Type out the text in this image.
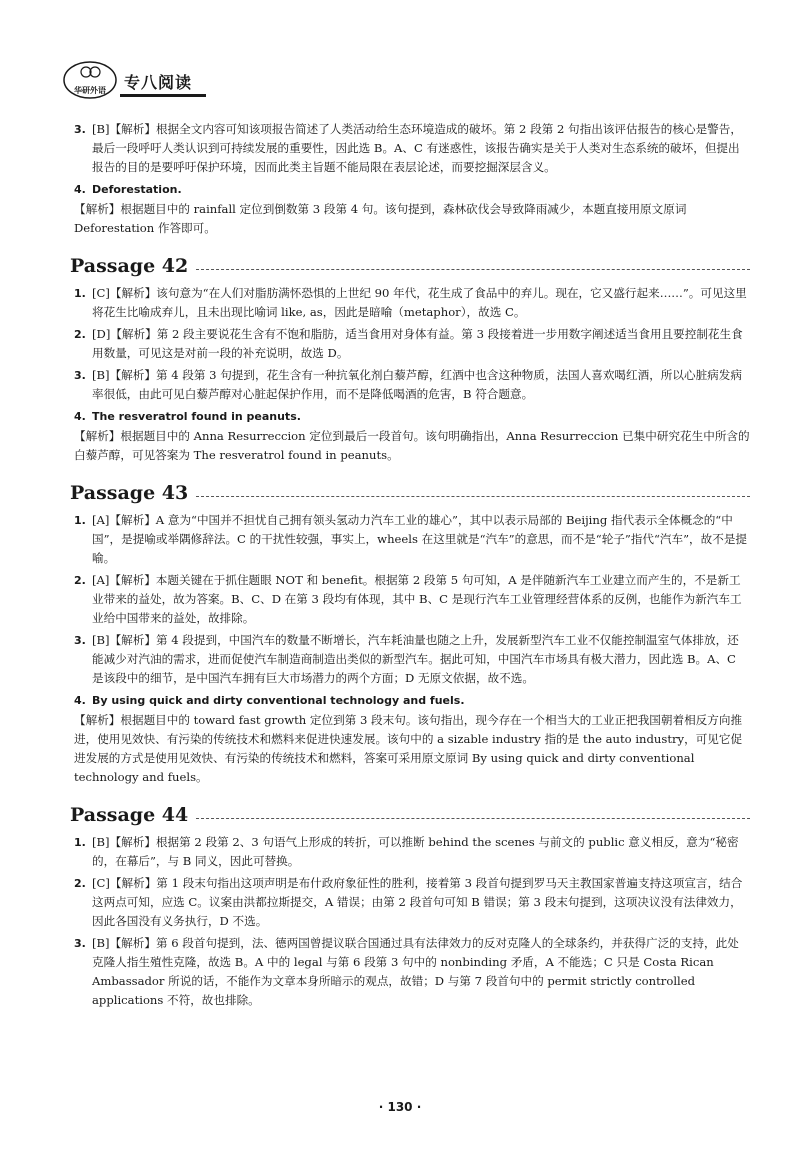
华研外语 专八阅读
3. [B]【解析】根据全文内容可知该项报告简述了人类活动给生态环境造成的破坏。第 2 段第 2 句指出该评估报告的核心是警告，最后一段呼吁人类认识到可持续发展的重要性，因此选 B。A、C 有迷惑性，该报告确实是关于人类对生态系统的破坏，但提出报告的目的是要呼吁保护环境，因而此类主旨题不能局限在表层论述，而要挖掘深层含义。
4. Deforestation.
【解析】根据题目中的 rainfall 定位到倒数第 3 段第 4 句。该句提到，森林砍伐会导致降雨减少，本题直接用原文原词 Deforestation 作答即可。
Passage 42
1. [C]【解析】该句意为“在人们对脂肪满怀恐惧的上世纪 90 年代，花生成了食品中的弃儿。现在，它又盛行起来……”。可见这里将花生比喻成弃儿，且未出现比喻词 like, as，因此是暗喻（metaphor），故选 C。
2. [D]【解析】第 2 段主要说花生含有不饱和脂肪，适当食用对身体有益。第 3 段接着进一步用数字阐述适当食用且要控制花生食用数量，可见这是对前一段的补充说明，故选 D。
3. [B]【解析】第 4 段第 3 句提到，花生含有一种抗氧化剂白藜芦醇，红酒中也含这种物质，法国人喜欢喝红酒，所以心脏病发病率很低，由此可见白藜芦醇对心脏起保护作用，而不是降低喝酒的危害，B 符合题意。
4. The resveratrol found in peanuts.
【解析】根据题目中的 Anna Resurreccion 定位到最后一段首句。该句明确指出，Anna Resurreccion 已集中研究花生中所含的白藜芦醇，可见答案为 The resveratrol found in peanuts。
Passage 43
1. [A]【解析】A 意为“中国并不担忧自己拥有领头氢动力汽车工业的雄心”，其中以表示局部的 Beijing 指代表示全体概念的“中国”，是提喻或举隅修辞法。C 的干扰性较强，事实上，wheels 在这里就是“汽车”的意思，而不是“轮子”指代“汽车”，故不是提喻。
2. [A]【解析】本题关键在于抓住题眼 NOT 和 benefit。根据第 2 段第 5 句可知，A 是伴随新汽车工业建立而产生的，不是新工业带来的益处，故为答案。B、C、D 在第 3 段均有体现，其中 B、C 是现行汽车工业管理经营体系的反例，也能作为新汽车工业给中国带来的益处，故排除。
3. [B]【解析】第 4 段提到，中国汽车的数量不断增长，汽车耗油量也随之上升，发展新型汽车工业不仅能控制温室气体排放，还能减少对汽油的需求，进而促使汽车制造商制造出类似的新型汽车。据此可知，中国汽车市场具有极大潜力，因此选 B。A、C 是该段中的细节，是中国汽车拥有巨大市场潜力的两个方面；D 无原文依据，故不选。
4. By using quick and dirty conventional technology and fuels.
【解析】根据题目中的 toward fast growth 定位到第 3 段末句。该句指出，现今存在一个相当大的工业正把我国朝着相反方向推进，使用见效快、有污染的传统技术和燃料来促进快速发展。该句中的 a sizable industry 指的是 the auto industry，可见它促进发展的方式是使用见效快、有污染的传统技术和燃料，答案可采用原文原词 By using quick and dirty conventional technology and fuels。
Passage 44
1. [B]【解析】根据第 2 段第 2、3 句语气上形成的转折，可以推断 behind the scenes 与前文的 public 意义相反，意为“秘密的，在幕后”，与 B 同义，因此可替换。
2. [C]【解析】第 1 段末句指出这项声明是布什政府象征性的胜利，接着第 3 段首句提到罗马天主教国家普遍支持这项宣言，结合这两点可知，应选 C。议案由洪都拉斯提交，A 错误；由第 2 段首句可知 B 错误；第 3 段末句提到，这项决议没有法律效力，因此各国没有义务执行，D 不选。
3. [B]【解析】第 6 段首句提到，法、德两国曾提议联合国通过具有法律效力的反对克隆人的全球条约，并获得广泛的支持，此处克隆人指生殖性克隆，故选 B。A 中的 legal 与第 6 段第 3 句中的 nonbinding 矛盾，A 不能选；C 只是 Costa Rican Ambassador 所说的话，不能作为文章本身所暗示的观点，故错；D 与第 7 段首句中的 permit strictly controlled applications 不符，故也排除。
· 130 ·
